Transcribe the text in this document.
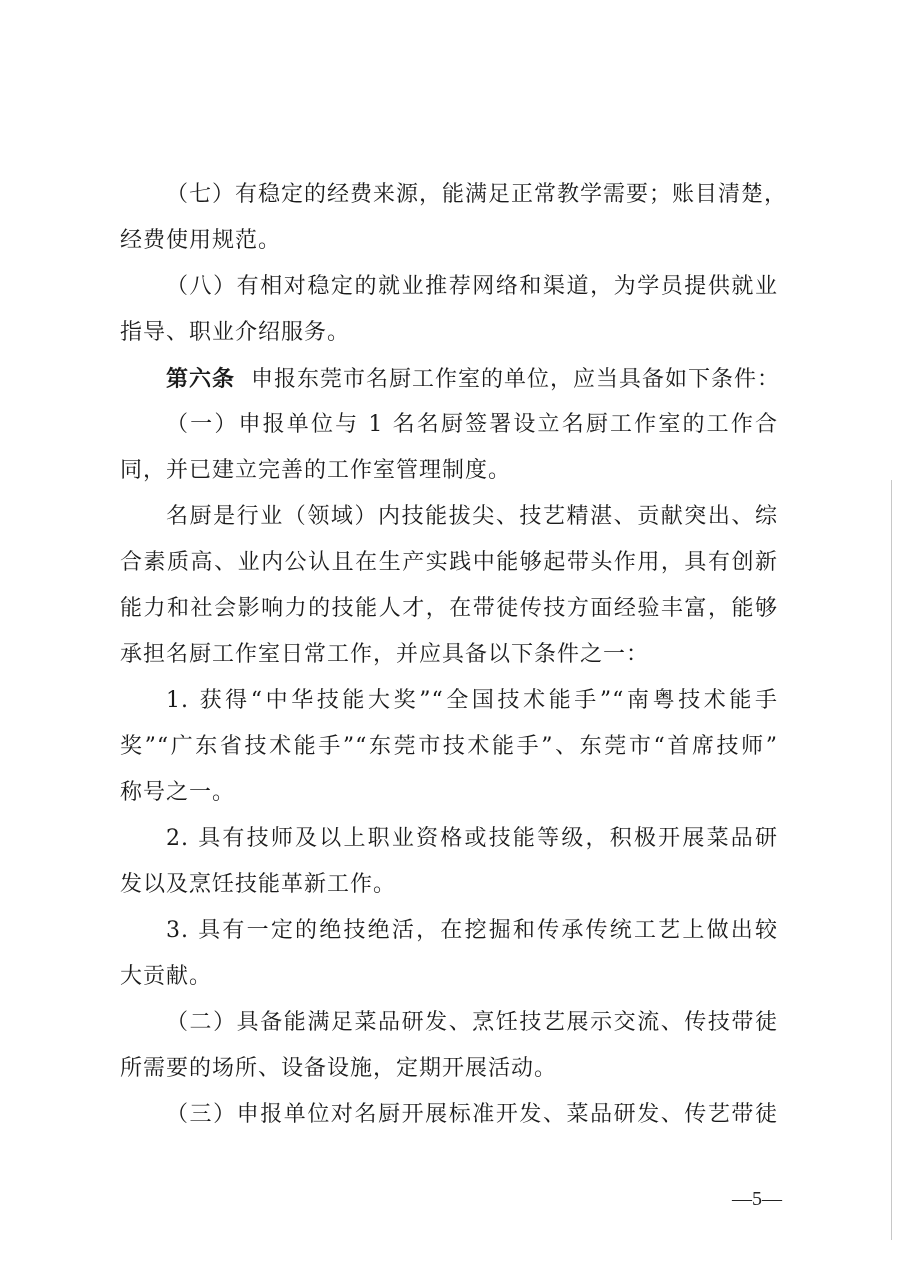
（七）有稳定的经费来源，能满足正常教学需要；账目清楚，
经费使用规范。

（八）有相对稳定的就业推荐网络和渠道，为学员提供就业
指导、职业介绍服务。

第六条 申报东莞市名厨工作室的单位，应当具备如下条件：

（一）申报单位与 1 名名厨签署设立名厨工作室的工作合
同，并已建立完善的工作室管理制度。

名厨是行业（领域）内技能拔尖、技艺精湛、贡献突出、综
合素质高、业内公认且在生产实践中能够起带头作用，具有创新
能力和社会影响力的技能人才，在带徒传技方面经验丰富，能够
承担名厨工作室日常工作，并应具备以下条件之一：

1. 获得“中华技能大奖”“全国技术能手”“南粤技术能手
奖”“广东省技术能手”“东莞市技术能手”、东莞市“首席技师”
称号之一。

2. 具有技师及以上职业资格或技能等级，积极开展菜品研
发以及烹饪技能革新工作。

3. 具有一定的绝技绝活，在挖掘和传承传统工艺上做出较
大贡献。

（二）具备能满足菜品研发、烹饪技艺展示交流、传技带徒
所需要的场所、设备设施，定期开展活动。

（三）申报单位对名厨开展标准开发、菜品研发、传艺带徒

—5—
